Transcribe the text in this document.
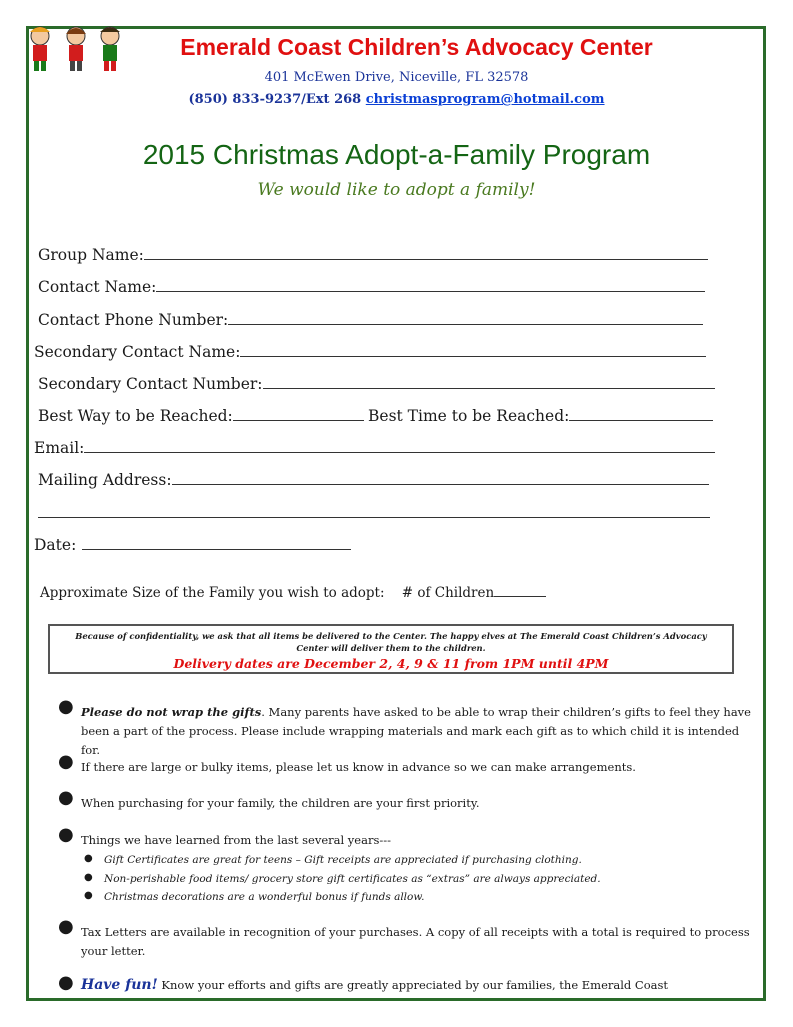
Emerald Coast Children’s Advocacy Center
401 McEwen Drive, Niceville, FL 32578
(850) 833-9237/Ext 268 christmasprogram@hotmail.com
2015 Christmas Adopt-a-Family Program
We would like to adopt a family!
Group Name:
Contact Name:
Contact Phone Number:
Secondary Contact Name:
Secondary Contact Number:
Best Way to be Reached:	Best Time to be Reached:
Email:
Mailing Address:
Date:
Approximate Size of the Family you wish to adopt: # of Children
Because of confidentiality, we ask that all items be delivered to the Center. The happy elves at The Emerald Coast Children’s Advocacy Center will deliver them to the children.
Delivery dates are December 2, 4, 9 & 11 from 1PM until 4PM
● Please do not wrap the gifts. Many parents have asked to be able to wrap their children’s gifts to feel they have been a part of the process. Please include wrapping materials and mark each gift as to which child it is intended for.
● If there are large or bulky items, please let us know in advance so we can make arrangements.
● When purchasing for your family, the children are your first priority.
● Things we have learned from the last several years---
● Gift Certificates are great for teens – Gift receipts are appreciated if purchasing clothing.
● Non-perishable food items/ grocery store gift certificates as “extras” are always appreciated.
● Christmas decorations are a wonderful bonus if funds allow.
● Tax Letters are available in recognition of your purchases. A copy of all receipts with a total is required to process your letter.
● Have fun! Know your efforts and gifts are greatly appreciated by our families, the Emerald Coast
